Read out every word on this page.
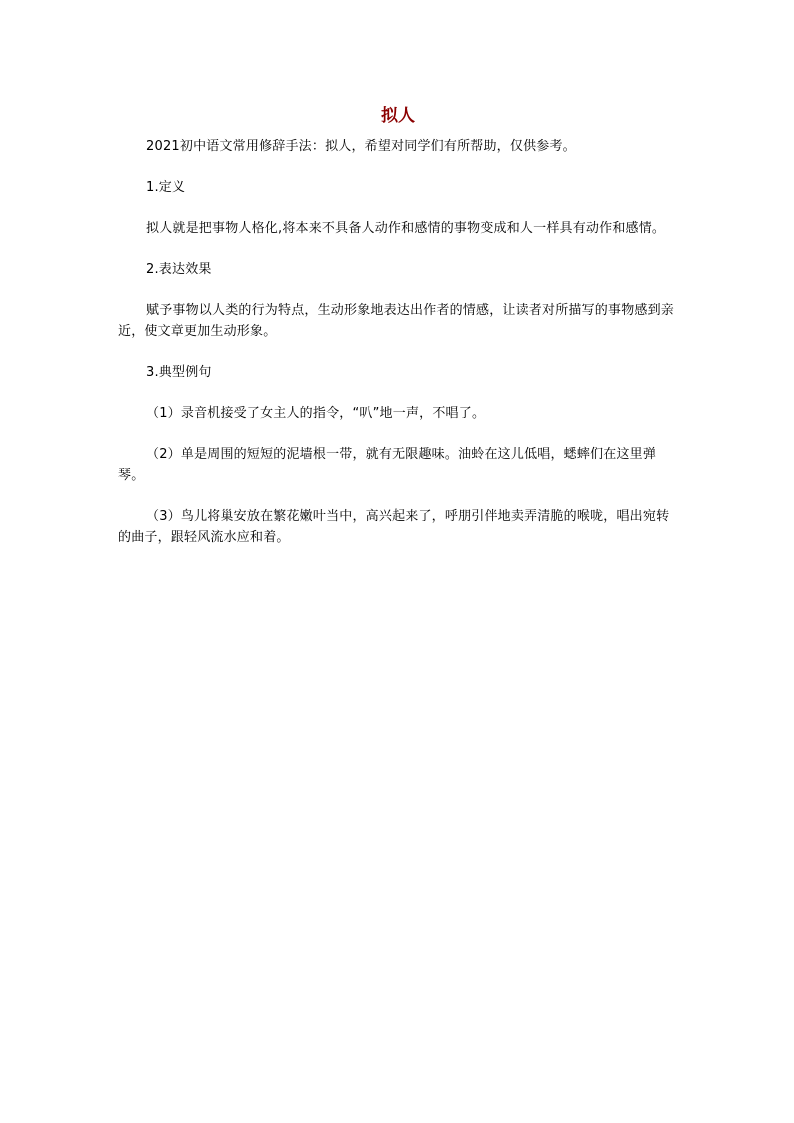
拟人

2021初中语文常用修辞手法：拟人，希望对同学们有所帮助，仅供参考。

1.定义

拟人就是把事物人格化,将本来不具备人动作和感情的事物变成和人一样具有动作和感情。

2.表达效果

赋予事物以人类的行为特点，生动形象地表达出作者的情感，让读者对所描写的事物感到亲近，使文章更加生动形象。

3.典型例句

（1）录音机接受了女主人的指令，“叭”地一声，不唱了。

（2）单是周围的短短的泥墙根一带，就有无限趣味。油蛉在这儿低唱，蟋蟀们在这里弹琴。

（3）鸟儿将巢安放在繁花嫩叶当中，高兴起来了，呼朋引伴地卖弄清脆的喉咙，唱出宛转的曲子，跟轻风流水应和着。
